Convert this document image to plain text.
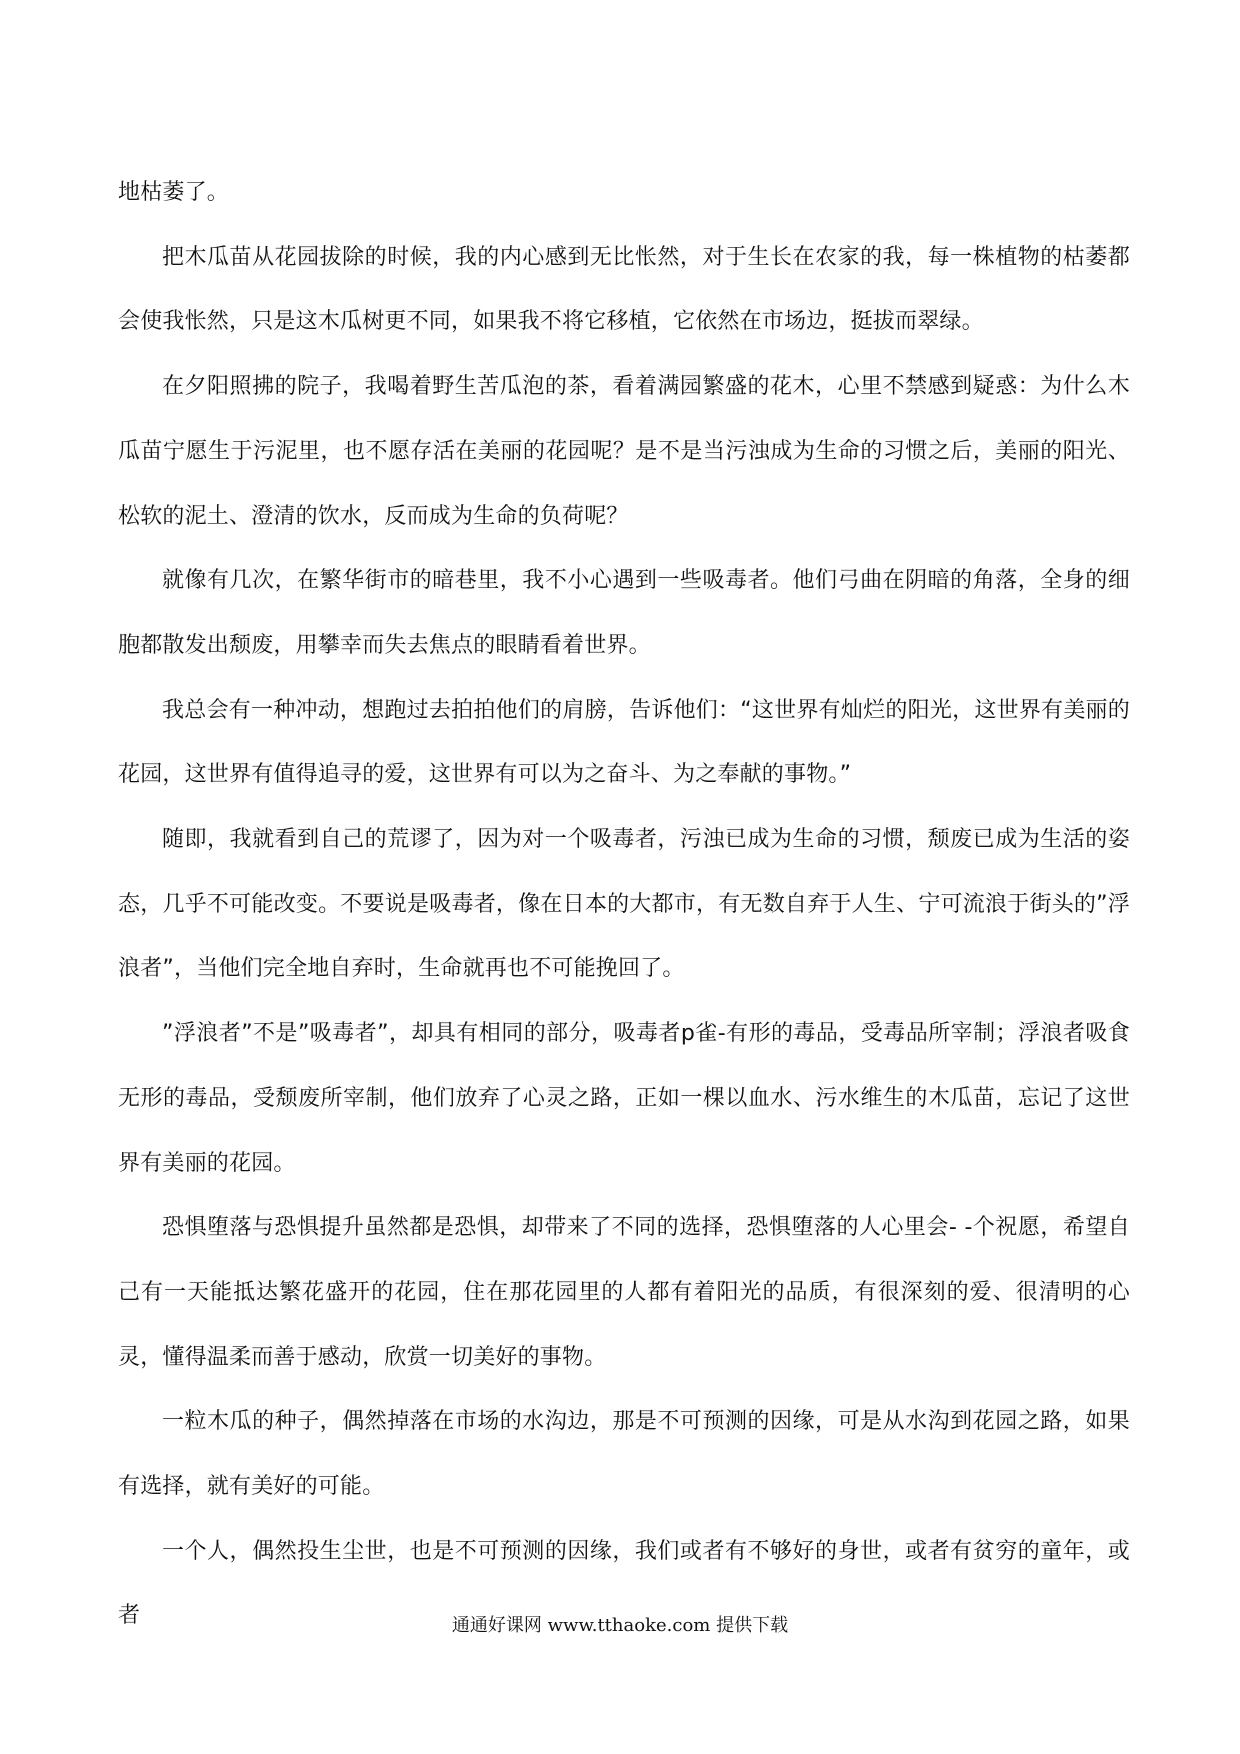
地枯萎了。

把木瓜苗从花园拔除的时候，我的内心感到无比怅然，对于生长在农家的我，每一株植物的枯萎都会使我怅然，只是这木瓜树更不同，如果我不将它移植，它依然在市场边，挺拔而翠绿。

在夕阳照拂的院子，我喝着野生苦瓜泡的茶，看着满园繁盛的花木，心里不禁感到疑惑：为什么木瓜苗宁愿生于污泥里，也不愿存活在美丽的花园呢？是不是当污浊成为生命的习惯之后，美丽的阳光、松软的泥土、澄清的饮水，反而成为生命的负荷呢？

就像有几次，在繁华街市的暗巷里，我不小心遇到一些吸毒者。他们弓曲在阴暗的角落，全身的细胞都散发出颓废，用攀幸而失去焦点的眼睛看着世界。

我总会有一种冲动，想跑过去拍拍他们的肩膀，告诉他们：“这世界有灿烂的阳光，这世界有美丽的花园，这世界有值得追寻的爱，这世界有可以为之奋斗、为之奉献的事物。”

随即，我就看到自己的荒谬了，因为对一个吸毒者，污浊已成为生命的习惯，颓废已成为生活的姿态，几乎不可能改变。不要说是吸毒者，像在日本的大都市，有无数自弃于人生、宁可流浪于街头的”浮浪者”，当他们完全地自弃时，生命就再也不可能挽回了。

”浮浪者”不是”吸毒者”，却具有相同的部分，吸毒者p雀-有形的毒品，受毒品所宰制；浮浪者吸食无形的毒品，受颓废所宰制，他们放弃了心灵之路，正如一棵以血水、污水维生的木瓜苗，忘记了这世界有美丽的花园。

恐惧堕落与恐惧提升虽然都是恐惧，却带来了不同的选择，恐惧堕落的人心里会- -个祝愿，希望自己有一天能抵达繁花盛开的花园，住在那花园里的人都有着阳光的品质，有很深刻的爱、很清明的心灵，懂得温柔而善于感动，欣赏一切美好的事物。

一粒木瓜的种子，偶然掉落在市场的水沟边，那是不可预测的因缘，可是从水沟到花园之路，如果有选择，就有美好的可能。

一个人，偶然投生尘世，也是不可预测的因缘，我们或者有不够好的身世，或者有贫穷的童年，或者	通通好课网 www.tthaoke.com 提供下载
